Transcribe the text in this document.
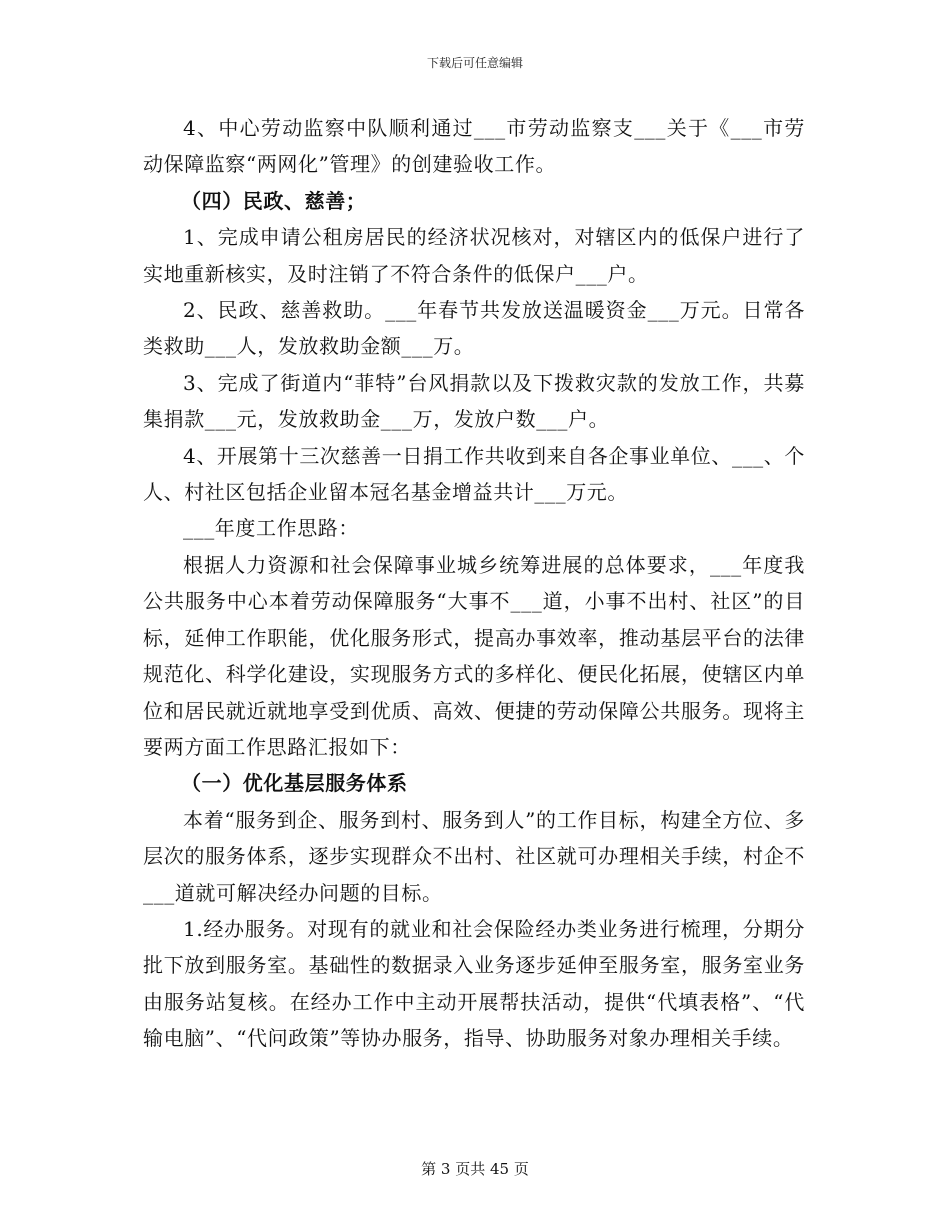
下载后可任意编辑

4、中心劳动监察中队顺利通过___市劳动监察支___关于《___市劳动保障监察“两网化”管理》的创建验收工作。

（四）民政、慈善；

1、完成申请公租房居民的经济状况核对，对辖区内的低保户进行了实地重新核实，及时注销了不符合条件的低保户___户。

2、民政、慈善救助。___年春节共发放送温暖资金___万元。日常各类救助___人，发放救助金额___万。

3、完成了街道内“菲特”台风捐款以及下拨救灾款的发放工作，共募集捐款___元，发放救助金___万，发放户数___户。

4、开展第十三次慈善一日捐工作共收到来自各企事业单位、___、个人、村社区包括企业留本冠名基金增益共计___万元。

___年度工作思路：

根据人力资源和社会保障事业城乡统筹进展的总体要求，___年度我公共服务中心本着劳动保障服务“大事不___道，小事不出村、社区”的目标，延伸工作职能，优化服务形式，提高办事效率，推动基层平台的法律规范化、科学化建设，实现服务方式的多样化、便民化拓展，使辖区内单位和居民就近就地享受到优质、高效、便捷的劳动保障公共服务。现将主要两方面工作思路汇报如下：

（一）优化基层服务体系

本着“服务到企、服务到村、服务到人”的工作目标，构建全方位、多层次的服务体系，逐步实现群众不出村、社区就可办理相关手续，村企不___道就可解决经办问题的目标。

1.经办服务。对现有的就业和社会保险经办类业务进行梳理，分期分批下放到服务室。基础性的数据录入业务逐步延伸至服务室，服务室业务由服务站复核。在经办工作中主动开展帮扶活动，提供“代填表格”、“代输电脑”、“代问政策”等协办服务，指导、协助服务对象办理相关手续。

第 3 页共 45 页
